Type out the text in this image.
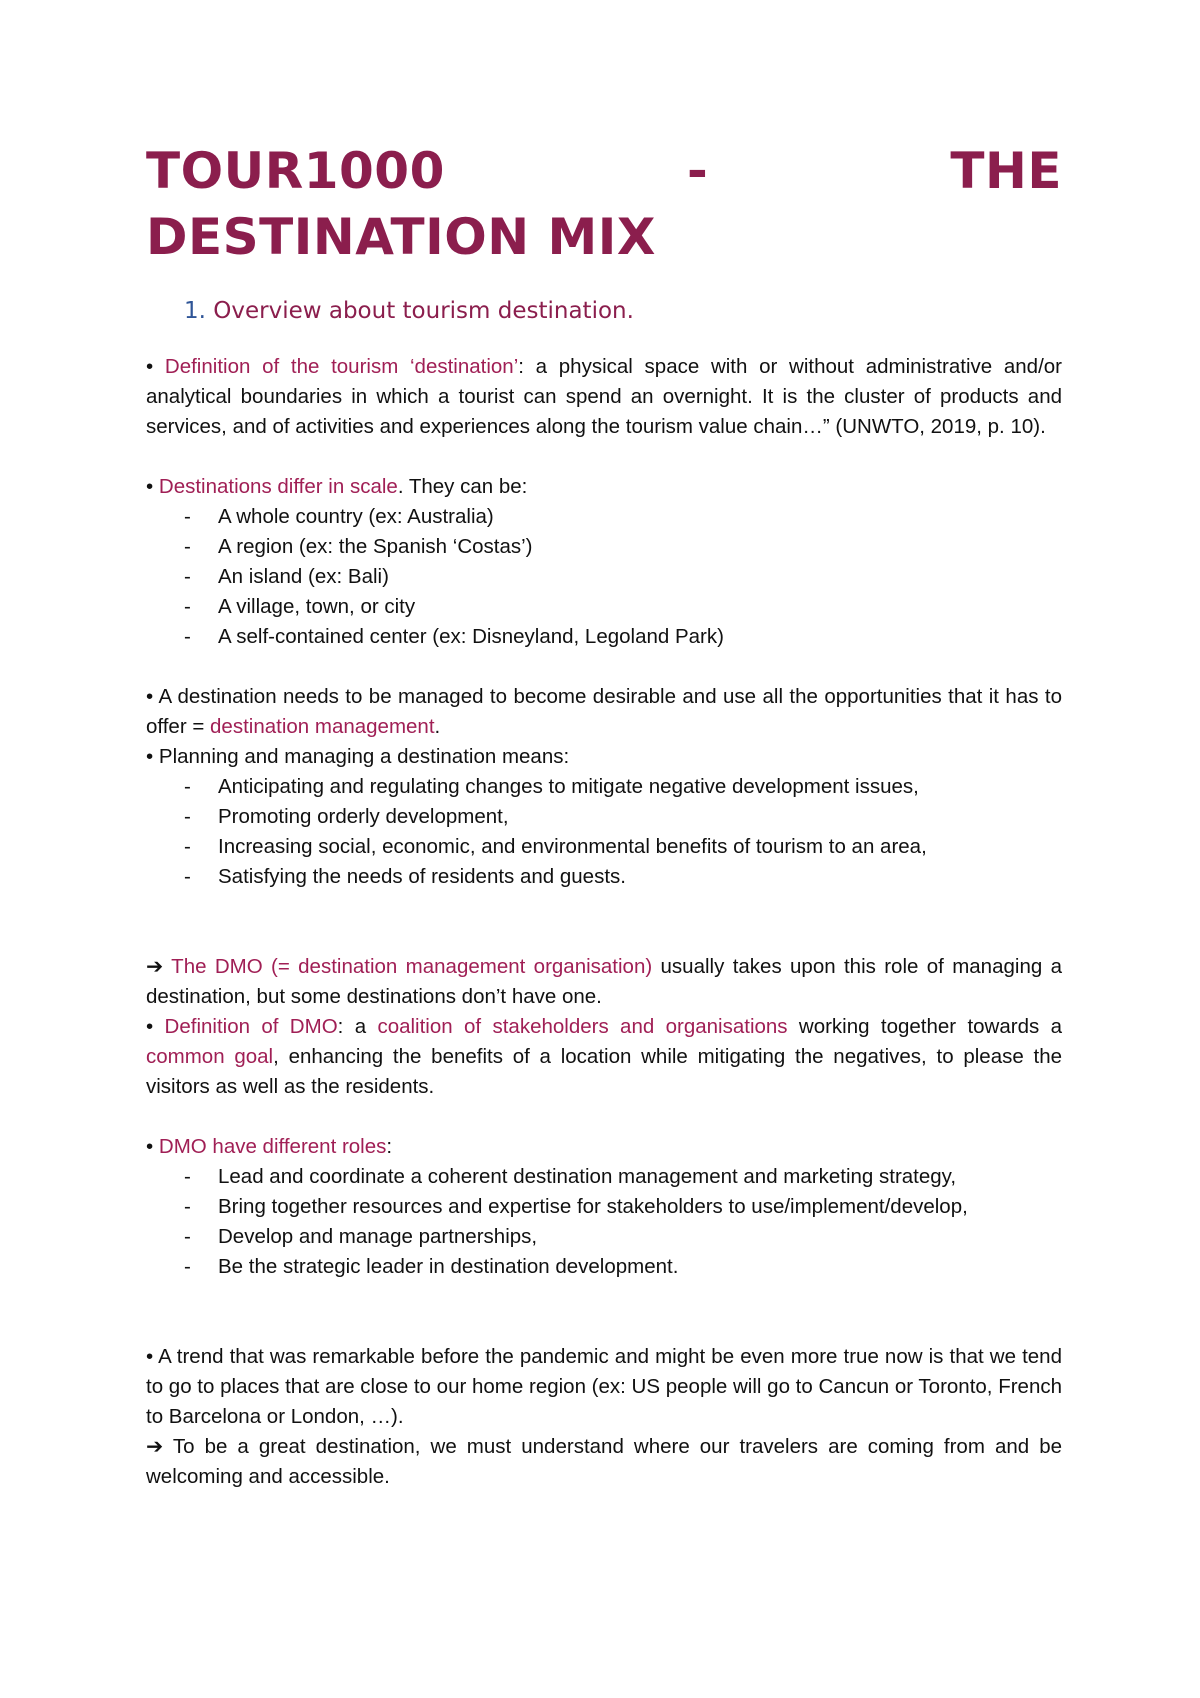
TOUR1000	-	THE
DESTINATION MIX
1. Overview about tourism destination.

• Definition of the tourism ‘destination’: a physical space with or without administrative and/or analytical boundaries in which a tourist can spend an overnight. It is the cluster of products and services, and of activities and experiences along the tourism value chain…” (UNWTO, 2019, p. 10).

• Destinations differ in scale. They can be:

- A whole country (ex: Australia)
- A region (ex: the Spanish ‘Costas’)
- An island (ex: Bali)
- A village, town, or city
- A self-contained center (ex: Disneyland, Legoland Park)

• A destination needs to be managed to become desirable and use all the opportunities that it has to offer = destination management.

• Planning and managing a destination means:

- Anticipating and regulating changes to mitigate negative development issues,
- Promoting orderly development,
- Increasing social, economic, and environmental benefits of tourism to an area,
- Satisfying the needs of residents and guests.

➔ The DMO (= destination management organisation) usually takes upon this role of managing a destination, but some destinations don’t have one.

• Definition of DMO: a coalition of stakeholders and organisations working together towards a common goal, enhancing the benefits of a location while mitigating the negatives, to please the visitors as well as the residents.

• DMO have different roles:

- Lead and coordinate a coherent destination management and marketing strategy,
- Bring together resources and expertise for stakeholders to use/implement/develop,
- Develop and manage partnerships,
- Be the strategic leader in destination development.

• A trend that was remarkable before the pandemic and might be even more true now is that we tend to go to places that are close to our home region (ex: US people will go to Cancun or Toronto, French to Barcelona or London, …).

➔ To be a great destination, we must understand where our travelers are coming from and be welcoming and accessible.
